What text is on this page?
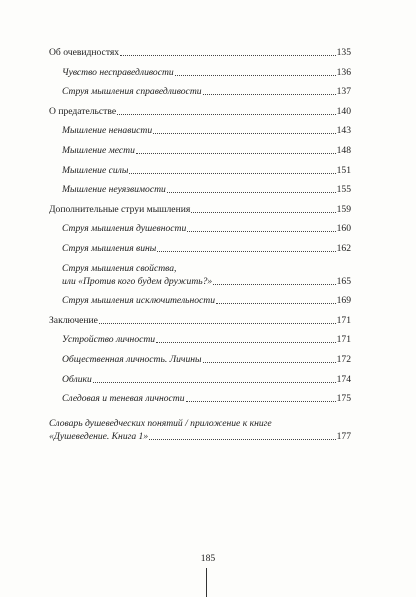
Об очевидностях	135
Чувство несправедливости	136
Струя мышления справедливости	137
О предательстве	140
Мышление ненависти	143
Мышление мести	148
Мышление силы	151
Мышление неуязвимости	155
Дополнительные струи мышления	159
Струя мышления душевности	160
Струя мышления вины	162
Струя мышления свойства,
или «Против кого будем дружить?»	165
Струя мышления исключительности	169
Заключение	171
Устройство личности	171
Общественная личность. Личины	172
Облики	174
Следовая и теневая личности	175
Словарь душеведческих понятий / приложение к книге
«Душеведение. Книга 1»	177
185
